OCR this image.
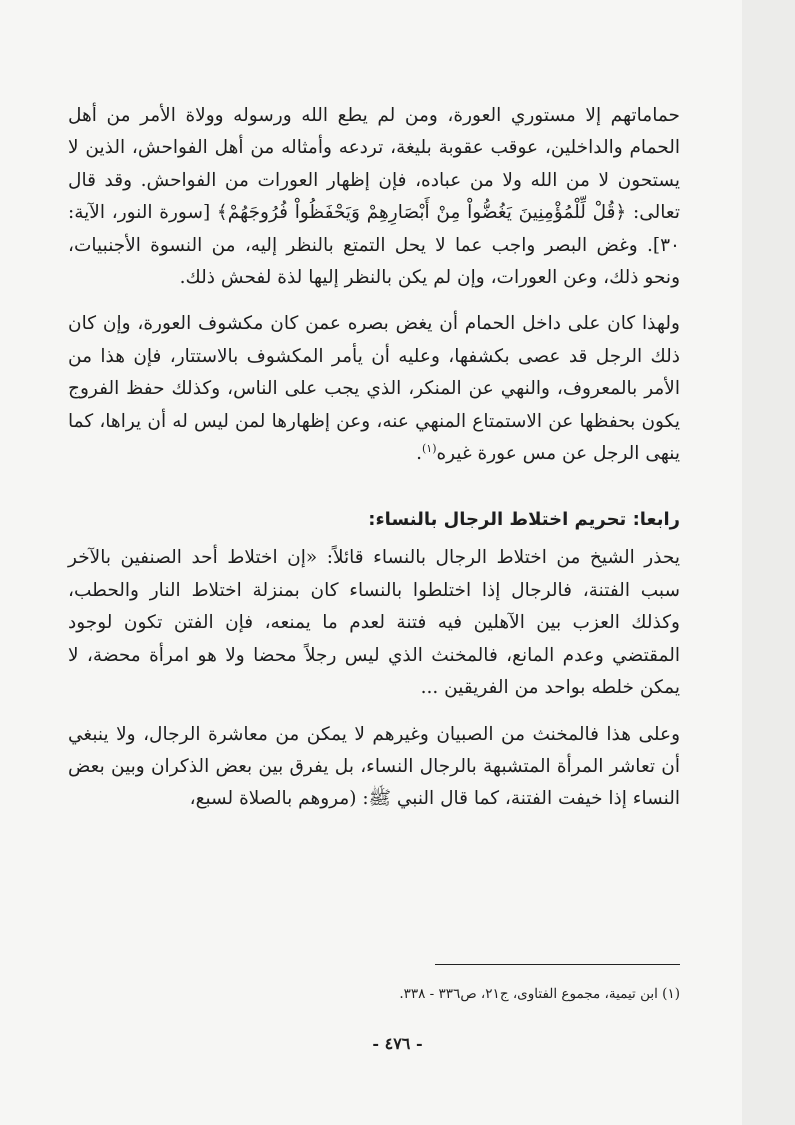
حماماتهم إلا مستوري العورة، ومن لم يطع الله ورسوله وولاة الأمر من أهل الحمام والداخلين، عوقب عقوبة بليغة، تردعه وأمثاله من أهل الفواحش، الذين لا يستحون لا من الله ولا من عباده، فإن إظهار العورات من الفواحش. وقد قال تعالى: ﴿قُلْ لِّلْمُؤْمِنِينَ يَغُضُّواْ مِنْ أَبْصَارِهِمْ وَيَحْفَظُواْ فُرُوجَهُمْ﴾ [سورة النور، الآية: ٣٠]. وغض البصر واجب عما لا يحل التمتع بالنظر إليه، من النسوة الأجنبيات، ونحو ذلك، وعن العورات، وإن لم يكن بالنظر إليها لذة لفحش ذلك.

ولهذا كان على داخل الحمام أن يغض بصره عمن كان مكشوف العورة، وإن كان ذلك الرجل قد عصى بكشفها، وعليه أن يأمر المكشوف بالاستتار، فإن هذا من الأمر بالمعروف، والنهي عن المنكر، الذي يجب على الناس، وكذلك حفظ الفروج يكون بحفظها عن الاستمتاع المنهي عنه، وعن إظهارها لمن ليس له أن يراها، كما ينهى الرجل عن مس عورة غيره$^{(١)}$.

رابعا: تحريم اختلاط الرجال بالنساء:

يحذر الشيخ من اختلاط الرجال بالنساء قائلاً: «إن اختلاط أحد الصنفين بالآخر سبب الفتنة، فالرجال إذا اختلطوا بالنساء كان بمنزلة اختلاط النار والحطب، وكذلك العزب بين الآهلين فيه فتنة لعدم ما يمنعه، فإن الفتن تكون لوجود المقتضي وعدم المانع، فالمخنث الذي ليس رجلاً محضا ولا هو امرأة محضة، لا يمكن خلطه بواحد من الفريقين ...

وعلى هذا فالمخنث من الصبيان وغيرهم لا يمكن من معاشرة الرجال، ولا ينبغي أن تعاشر المرأة المتشبهة بالرجال النساء، بل يفرق بين بعض الذكران وبين بعض النساء إذا خيفت الفتنة، كما قال النبي ﷺ: (مروهم بالصلاة لسبع،

(١) ابن تيمية، مجموع الفتاوى، ج٢١، ص٣٣٦ - ٣٣٨.
- ٤٧٦ -
